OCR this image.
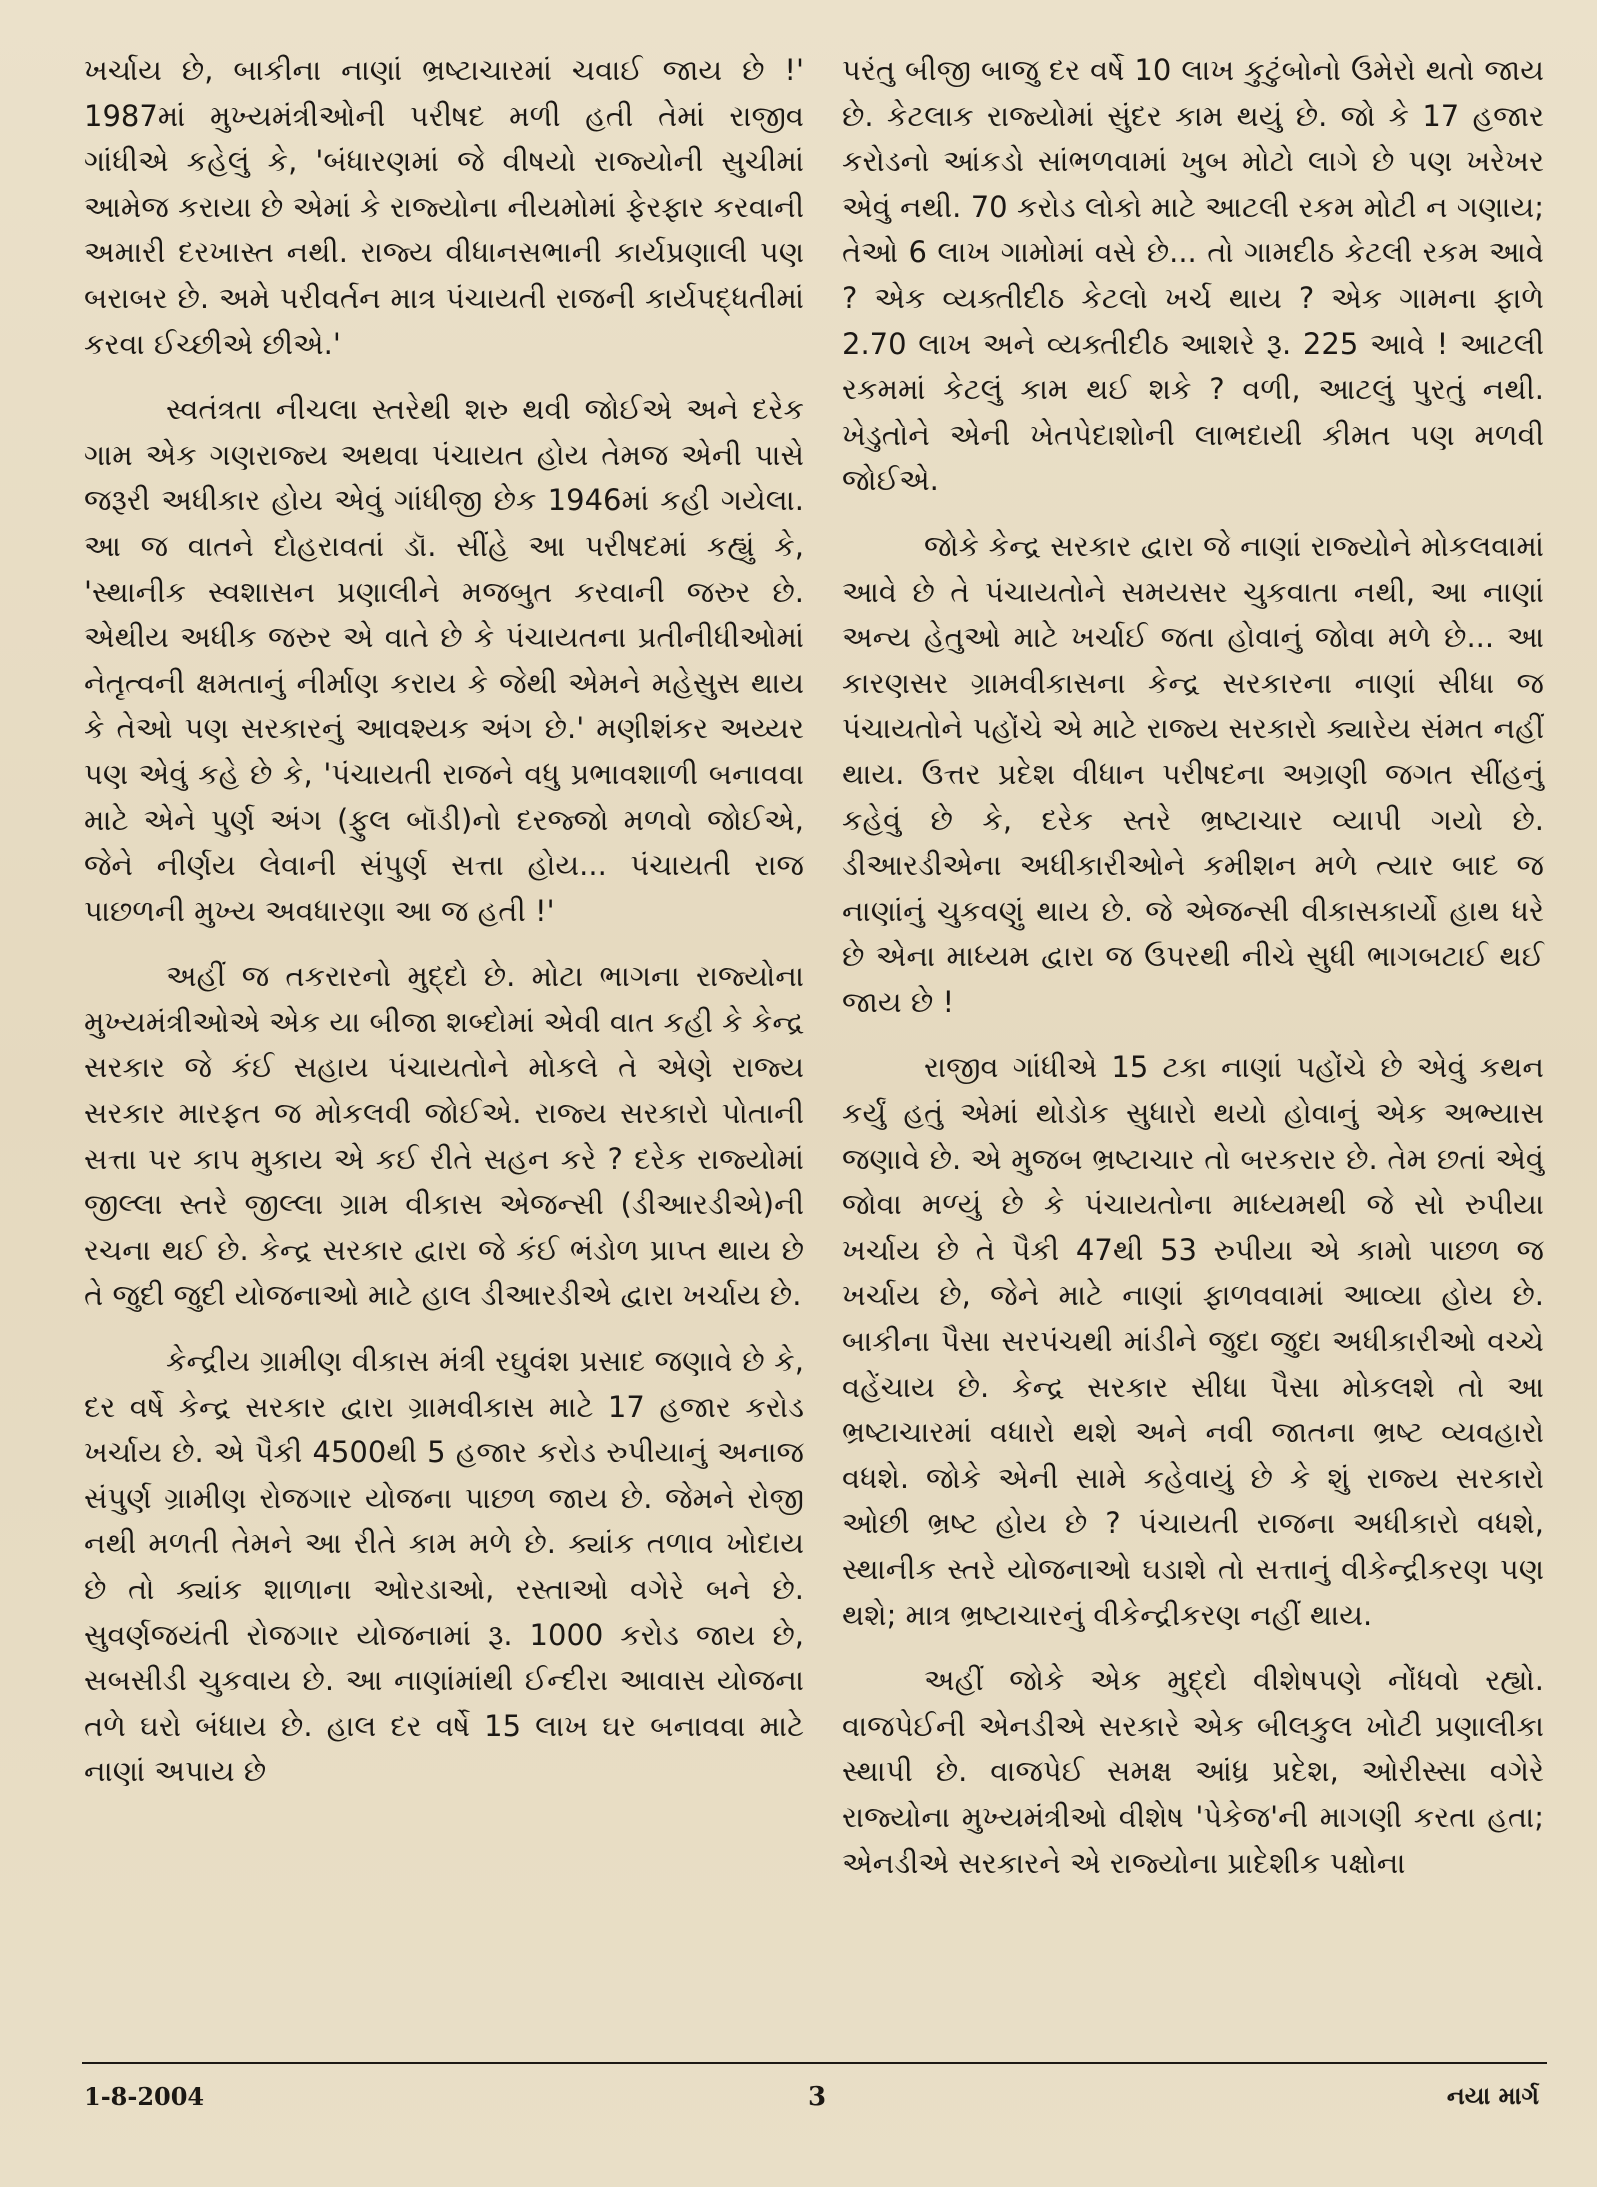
ખર્ચાય છે, બાકીના નાણાં ભ્રષ્ટાચારમાં ચવાઈ જાય છે !' 1987માં મુખ્યમંત્રીઓની પરીષદ મળી હતી તેમાં રાજીવ ગાંધીએ કહેલું કે, 'બંધારણમાં જે વીષયો રાજ્યોની સુચીમાં આમેજ કરાયા છે એમાં કે રાજ્યોના નીયમોમાં ફેરફાર કરવાની અમારી દરખાસ્ત નથી. રાજ્ય વીધાનસભાની કાર્યપ્રણાલી પણ બરાબર છે. અમે પરીવર્તન માત્ર પંચાયતી રાજની કાર્યપદ્ધતીમાં કરવા ઈચ્છીએ છીએ.'

સ્વતંત્રતા નીચલા સ્તરેથી શરુ થવી જોઈએ અને દરેક ગામ એક ગણરાજ્ય અથવા પંચાયત હોય તેમજ એની પાસે જરૂરી અધીકાર હોય એવું ગાંધીજી છેક 1946માં કહી ગયેલા. આ જ વાતને દોહરાવતાં ડૉ. સીંહે આ પરીષદમાં કહ્યું કે, 'સ્થાનીક સ્વશાસન પ્રણાલીને મજબુત કરવાની જરુર છે. એથીય અધીક જરુર એ વાતે છે કે પંચાયતના પ્રતીનીધીઓમાં નેતૃત્વની ક્ષમતાનું નીર્માણ કરાય કે જેથી એમને મહેસુસ થાય કે તેઓ પણ સરકારનું આવશ્યક અંગ છે.' મણીશંકર અય્યર પણ એવું કહે છે કે, 'પંચાયતી રાજને વધુ પ્રભાવશાળી બનાવવા માટે એને પુર્ણ અંગ (ફુલ બૉડી)નો દરજ્જો મળવો જોઈએ, જેને નીર્ણય લેવાની સંપુર્ણ સત્તા હોય... પંચાયતી રાજ પાછળની મુખ્ય અવધારણા આ જ હતી !'

અહીં જ તકરારનો મુદ્દો છે. મોટા ભાગના રાજ્યોના મુખ્યમંત્રીઓએ એક યા બીજા શબ્દોમાં એવી વાત કહી કે કેન્દ્ર સરકાર જે કંઈ સહાય પંચાયતોને મોકલે તે એણે રાજ્ય સરકાર મારફત જ મોકલવી જોઈએ. રાજ્ય સરકારો પોતાની સત્તા પર કાપ મુકાય એ કઈ રીતે સહન કરે ? દરેક રાજ્યોમાં જીલ્લા સ્તરે જીલ્લા ગ્રામ વીકાસ એજન્સી (ડીઆરડીએ)ની રચના થઈ છે. કેન્દ્ર સરકાર દ્વારા જે કંઈ ભંડોળ પ્રાપ્ત થાય છે તે જુદી જુદી યોજનાઓ માટે હાલ ડીઆરડીએ દ્વારા ખર્ચાય છે.

કેન્દ્રીય ગ્રામીણ વીકાસ મંત્રી રઘુવંશ પ્રસાદ જણાવે છે કે, દર વર્ષે કેન્દ્ર સરકાર દ્વારા ગ્રામવીકાસ માટે 17 હજાર કરોડ ખર્ચાય છે. એ પૈકી 4500થી 5 હજાર કરોડ રુપીયાનું અનાજ સંપુર્ણ ગ્રામીણ રોજગાર યોજના પાછળ જાય છે. જેમને રોજી નથી મળતી તેમને આ રીતે કામ મળે છે. ક્યાંક તળાવ ખોદાય છે તો ક્યાંક શાળાના ઓરડાઓ, રસ્તાઓ વગેરે બને છે. સુવર્ણજયંતી રોજગાર યોજનામાં રૂ. 1000 કરોડ જાય છે, સબસીડી ચુકવાય છે. આ નાણાંમાંથી ઈન્દીરા આવાસ યોજના તળે ઘરો બંધાય છે. હાલ દર વર્ષે 15 લાખ ઘર બનાવવા માટે નાણાં અપાય છે

પરંતુ બીજી બાજુ દર વર્ષે 10 લાખ કુટુંબોનો ઉમેરો થતો જાય છે. કેટલાક રાજ્યોમાં સુંદર કામ થયું છે. જો કે 17 હજાર કરોડનો આંકડો સાંભળવામાં ખુબ મોટો લાગે છે પણ ખરેખર એવું નથી. 70 કરોડ લોકો માટે આટલી રકમ મોટી ન ગણાય; તેઓ 6 લાખ ગામોમાં વસે છે... તો ગામદીઠ કેટલી રકમ આવે ? એક વ્યક્તીદીઠ કેટલો ખર્ચ થાય ? એક ગામના ફાળે 2.70 લાખ અને વ્યક્તીદીઠ આશરે રૂ. 225 આવે ! આટલી રકમમાં કેટલું કામ થઈ શકે ? વળી, આટલું પુરતું નથી. ખેડુતોને એની ખેતપેદાશોની લાભદાયી કીમત પણ મળવી જોઈએ.

જોકે કેન્દ્ર સરકાર દ્વારા જે નાણાં રાજ્યોને મોકલવામાં આવે છે તે પંચાયતોને સમયસર ચુકવાતા નથી, આ નાણાં અન્ય હેતુઓ માટે ખર્ચાઈ જતા હોવાનું જોવા મળે છે... આ કારણસર ગ્રામવીકાસના કેન્દ્ર સરકારના નાણાં સીધા જ પંચાયતોને પહોંચે એ માટે રાજ્ય સરકારો ક્યારેય સંમત નહીં થાય. ઉત્તર પ્રદેશ વીધાન પરીષદના અગ્રણી જગત સીંહનું કહેવું છે કે, દરેક સ્તરે ભ્રષ્ટાચાર વ્યાપી ગયો છે. ડીઆરડીએના અધીકારીઓને કમીશન મળે ત્યાર બાદ જ નાણાંનું ચુકવણું થાય છે. જે એજન્સી વીકાસકાર્યો હાથ ધરે છે એના માધ્યમ દ્વારા જ ઉપરથી નીચે સુધી ભાગબટાઈ થઈ જાય છે !

રાજીવ ગાંધીએ 15 ટકા નાણાં પહોંચે છે એવું કથન કર્યું હતું એમાં થોડોક સુધારો થયો હોવાનું એક અભ્યાસ જણાવે છે. એ મુજબ ભ્રષ્ટાચાર તો બરકરાર છે. તેમ છતાં એવું જોવા મળ્યું છે કે પંચાયતોના માધ્યમથી જે સો રુપીયા ખર્ચાય છે તે પૈકી 47થી 53 રુપીયા એ કામો પાછળ જ ખર્ચાય છે, જેને માટે નાણાં ફાળવવામાં આવ્યા હોય છે. બાકીના પૈસા સરપંચથી માંડીને જુદા જુદા અધીકારીઓ વચ્ચે વહેંચાય છે. કેન્દ્ર સરકાર સીધા પૈસા મોકલશે તો આ ભ્રષ્ટાચારમાં વધારો થશે અને નવી જાતના ભ્રષ્ટ વ્યવહારો વધશે. જોકે એની સામે કહેવાયું છે કે શું રાજ્ય સરકારો ઓછી ભ્રષ્ટ હોય છે ? પંચાયતી રાજના અધીકારો વધશે, સ્થાનીક સ્તરે યોજનાઓ ઘડાશે તો સત્તાનું વીકેન્દ્રીકરણ પણ થશે; માત્ર ભ્રષ્ટાચારનું વીકેન્દ્રીકરણ નહીં થાય.

અહીં જોકે એક મુદ્દો વીશેષપણે નોંધવો રહ્યો. વાજપેઈની એનડીએ સરકારે એક બીલકુલ ખોટી પ્રણાલીકા સ્થાપી છે. વાજપેઈ સમક્ષ આંધ્ર પ્રદેશ, ઓરીસ્સા વગેરે રાજ્યોના મુખ્યમંત્રીઓ વીશેષ 'પેકેજ'ની માગણી કરતા હતા; એનડીએ સરકારને એ રાજ્યોના પ્રાદેશીક પક્ષોના

1-8-2004	3	નયા માર્ગ
